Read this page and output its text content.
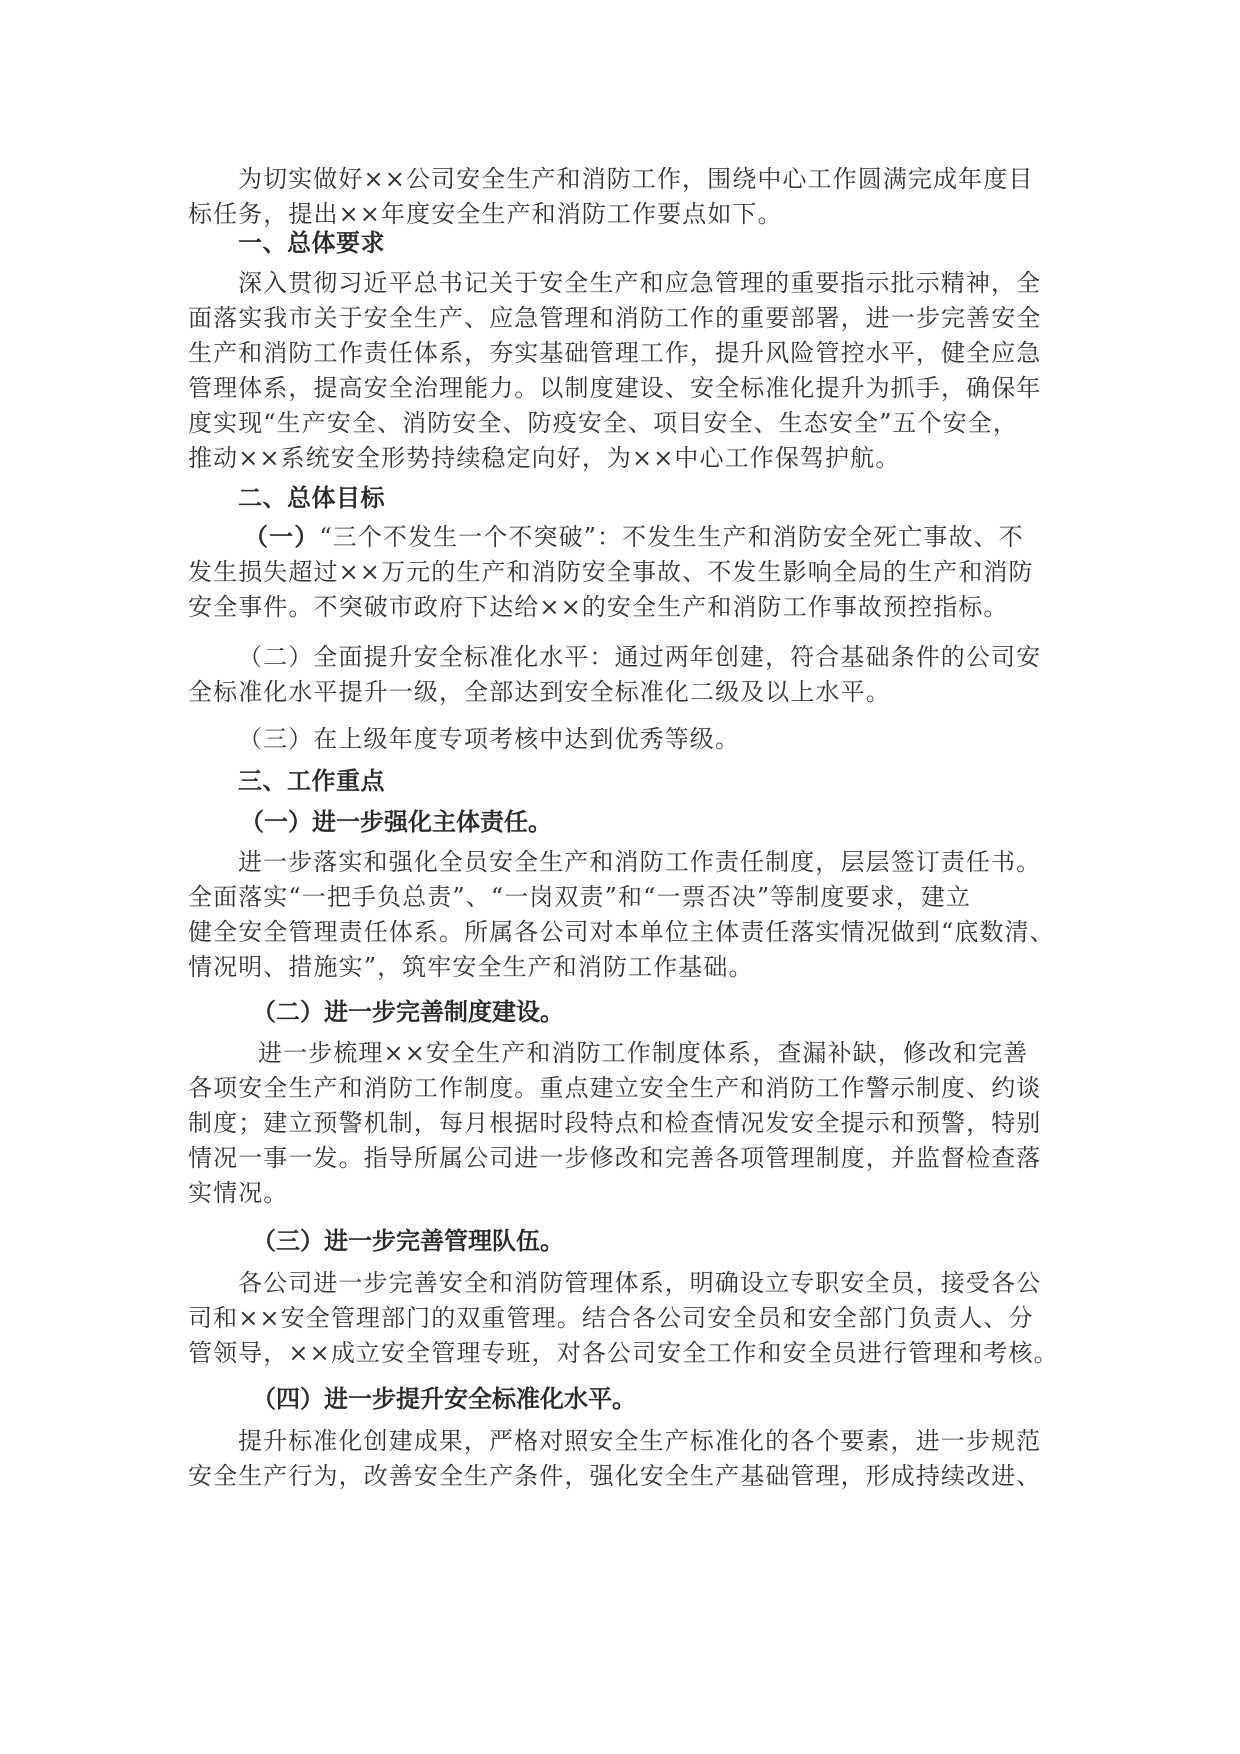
为切实做好××公司安全生产和消防工作，围绕中心工作圆满完成年度目
标任务，提出××年度安全生产和消防工作要点如下。
一、总体要求
深入贯彻习近平总书记关于安全生产和应急管理的重要指示批示精神，全
面落实我市关于安全生产、应急管理和消防工作的重要部署，进一步完善安全
生产和消防工作责任体系，夯实基础管理工作，提升风险管控水平，健全应急
管理体系，提高安全治理能力。以制度建设、安全标准化提升为抓手，确保年
度实现“生产安全、消防安全、防疫安全、项目安全、生态安全”五个安全，
推动××系统安全形势持续稳定向好，为××中心工作保驾护航。
二、总体目标
（一）“三个不发生一个不突破”：不发生生产和消防安全死亡事故、不
发生损失超过××万元的生产和消防安全事故、不发生影响全局的生产和消防
安全事件。不突破市政府下达给××的安全生产和消防工作事故预控指标。
（二）全面提升安全标准化水平：通过两年创建，符合基础条件的公司安
全标准化水平提升一级，全部达到安全标准化二级及以上水平。
（三）在上级年度专项考核中达到优秀等级。
三、工作重点
（一）进一步强化主体责任。
进一步落实和强化全员安全生产和消防工作责任制度，层层签订责任书。
全面落实“一把手负总责”、“一岗双责”和“一票否决”等制度要求，建立
健全安全管理责任体系。所属各公司对本单位主体责任落实情况做到“底数清、
情况明、措施实”，筑牢安全生产和消防工作基础。
（二）进一步完善制度建设。
进一步梳理××安全生产和消防工作制度体系，查漏补缺，修改和完善
各项安全生产和消防工作制度。重点建立安全生产和消防工作警示制度、约谈
制度；建立预警机制，每月根据时段特点和检查情况发安全提示和预警，特别
情况一事一发。指导所属公司进一步修改和完善各项管理制度，并监督检查落
实情况。
（三）进一步完善管理队伍。
各公司进一步完善安全和消防管理体系，明确设立专职安全员，接受各公
司和××安全管理部门的双重管理。结合各公司安全员和安全部门负责人、分
管领导，××成立安全管理专班，对各公司安全工作和安全员进行管理和考核。
（四）进一步提升安全标准化水平。
提升标准化创建成果，严格对照安全生产标准化的各个要素，进一步规范
安全生产行为，改善安全生产条件，强化安全生产基础管理，形成持续改进、
